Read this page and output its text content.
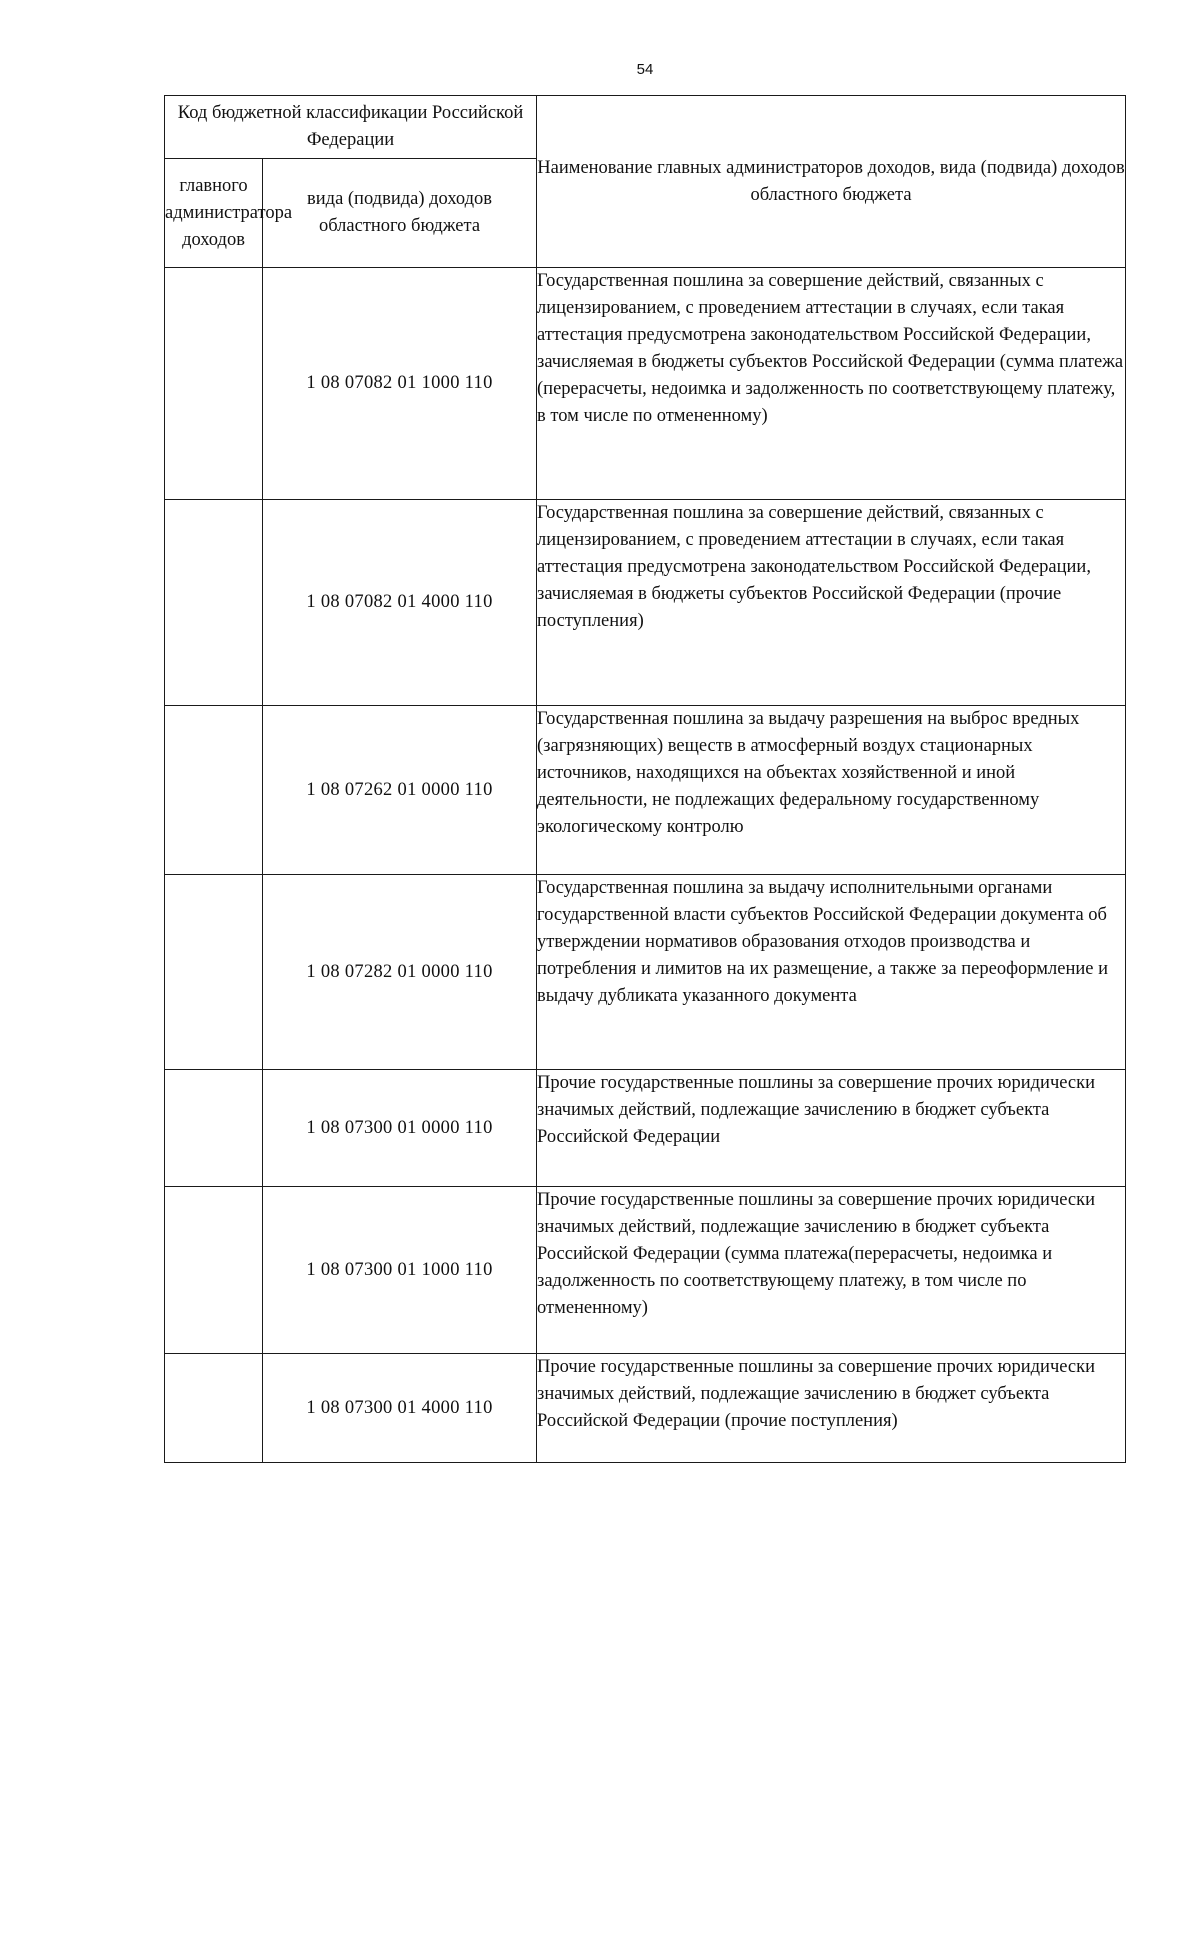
54
Код бюджетной классификации Российской Федерации		Наименование главных администраторов доходов, вида (подвида) доходов областного бюджета
главного администратора доходов	вида (подвида) доходов областного бюджета	
	1 08 07082 01 1000 110	Государственная пошлина за совершение действий, связанных с лицензированием, с проведением аттестации в случаях, если такая аттестация предусмотрена законодательством Российской Федерации, зачисляемая в бюджеты субъектов Российской Федерации (сумма платежа (перерасчеты, недоимка и задолженность по соответствующему платежу, в том числе по отмененному)

	1 08 07082 01 4000 110	Государственная пошлина за совершение действий, связанных с лицензированием, с проведением аттестации в случаях, если такая аттестация предусмотрена законодательством Российской Федерации, зачисляемая в бюджеты субъектов Российской Федерации (прочие поступления)

	1 08 07262 01 0000 110	Государственная пошлина за выдачу разрешения на выброс вредных (загрязняющих) веществ в атмосферный воздух стационарных источников, находящихся на объектах хозяйственной и иной деятельности, не подлежащих федеральному государственному экологическому контролю

	1 08 07282 01 0000 110	Государственная пошлина за выдачу исполнительными органами государственной власти субъектов Российской Федерации документа об утверждении нормативов образования отходов производства и потребления и лимитов на их размещение, а также за переоформление и выдачу дубликата указанного документа

	1 08 07300 01 0000 110	Прочие государственные пошлины за совершение прочих юридически значимых действий, подлежащие зачислению в бюджет субъекта Российской Федерации

	1 08 07300 01 1000 110	Прочие государственные пошлины за совершение прочих юридически значимых действий, подлежащие зачислению в бюджет субъекта Российской Федерации (сумма платежа(перерасчеты, недоимка и задолженность по соответствующему платежу, в том числе по отмененному)

	1 08 07300 01 4000 110	Прочие государственные пошлины за совершение прочих юридически значимых действий, подлежащие зачислению в бюджет субъекта Российской Федерации (прочие поступления)
